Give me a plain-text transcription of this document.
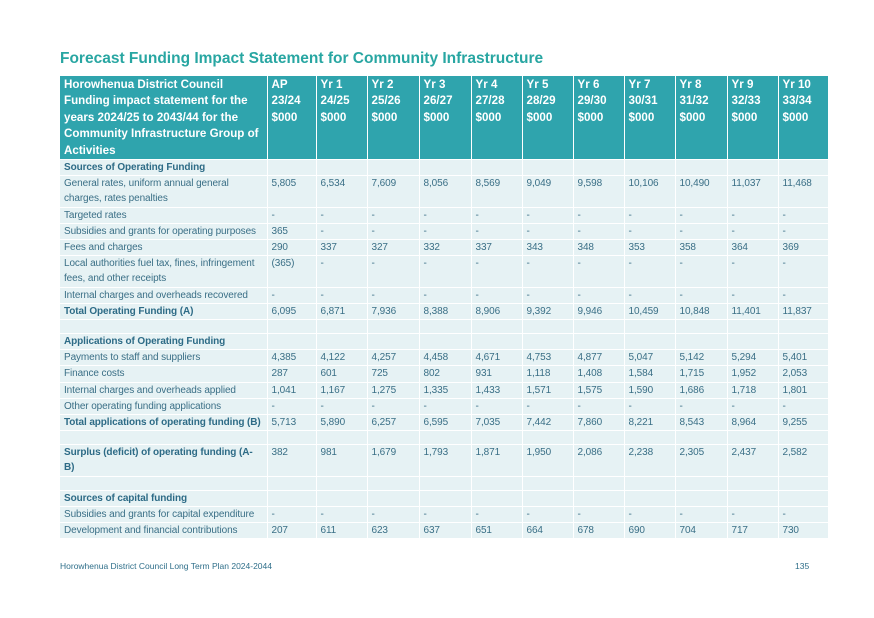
Forecast Funding Impact Statement for Community Infrastructure
Horowhenua District Council Funding impact statement for the years 2024/25 to 2043/44 for the Community Infrastructure Group of Activities	AP 23/24 $000	Yr 1 24/25 $000	Yr 2 25/26 $000	Yr 3 26/27 $000	Yr 4 27/28 $000	Yr 5 28/29 $000	Yr 6 29/30 $000	Yr 7 30/31 $000	Yr 8 31/32 $000	Yr 9 32/33 $000	Yr 10 33/34 $000
Sources of Operating Funding											
General rates, uniform annual general charges, rates penalties	5,805	6,534	7,609	8,056	8,569	9,049	9,598	10,106	10,490	11,037	11,468
Targeted rates	-	-	-	-	-	-	-	-	-	-	-
Subsidies and grants for operating purposes	365	-	-	-	-	-	-	-	-	-	-
Fees and charges	290	337	327	332	337	343	348	353	358	364	369
Local authorities fuel tax, fines, infringement fees, and other receipts	(365)	-	-	-	-	-	-	-	-	-	-
Internal charges and overheads recovered	-	-	-	-	-	-	-	-	-	-	-
Total Operating Funding (A)	6,095	6,871	7,936	8,388	8,906	9,392	9,946	10,459	10,848	11,401	11,837

Applications of Operating Funding											
Payments to staff and suppliers	4,385	4,122	4,257	4,458	4,671	4,753	4,877	5,047	5,142	5,294	5,401
Finance costs	287	601	725	802	931	1,118	1,408	1,584	1,715	1,952	2,053
Internal charges and overheads applied	1,041	1,167	1,275	1,335	1,433	1,571	1,575	1,590	1,686	1,718	1,801
Other operating funding applications	-	-	-	-	-	-	-	-	-	-	-
Total applications of operating funding (B)	5,713	5,890	6,257	6,595	7,035	7,442	7,860	8,221	8,543	8,964	9,255

Surplus (deficit) of operating funding (A-B)	382	981	1,679	1,793	1,871	1,950	2,086	2,238	2,305	2,437	2,582

Sources of capital funding											
Subsidies and grants for capital expenditure	-	-	-	-	-	-	-	-	-	-	-
Development and financial contributions	207	611	623	637	651	664	678	690	704	717	730
Horowhenua District Council Long Term Plan 2024-2044	135
